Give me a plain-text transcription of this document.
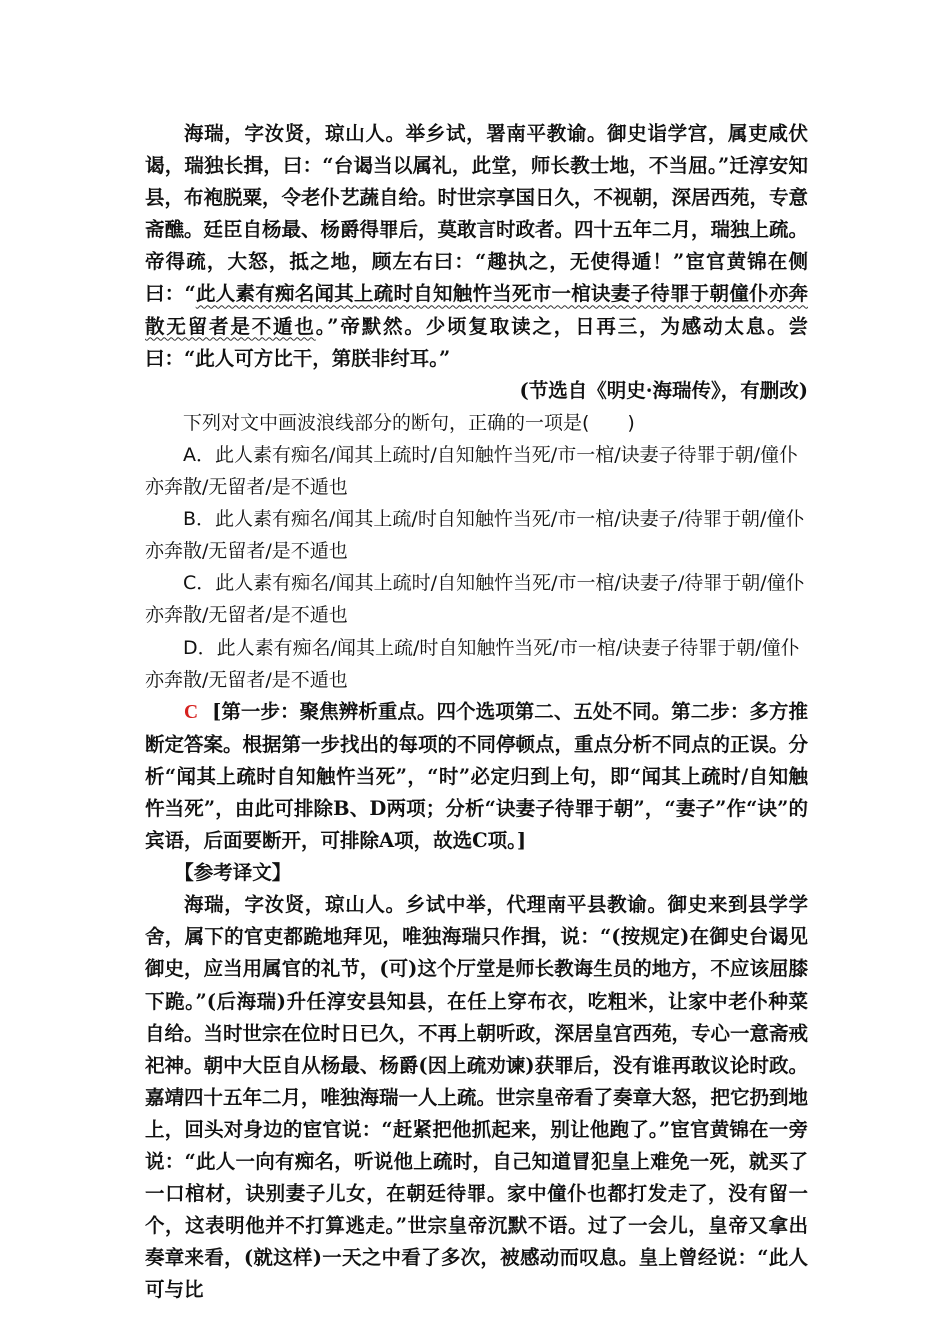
海瑞，字汝贤，琼山人。举乡试，署南平教谕。御史诣学宫，属吏咸伏谒，瑞独长揖，曰：“台谒当以属礼，此堂，师长教士地，不当屈。”迁淳安知县，布袍脱粟，令老仆艺蔬自给。时世宗享国日久，不视朝，深居西苑，专意斋醮。廷臣自杨最、杨爵得罪后，莫敢言时政者。四十五年二月，瑞独上疏。帝得疏，大怒，抵之地，顾左右曰：“趣执之，无使得遁！”宦官黄锦在侧曰：“此人素有痴名闻其上疏时自知触忤当死市一棺诀妻子待罪于朝僮仆亦奔散无留者是不遁也。”帝默然。少顷复取读之，日再三，为感动太息。尝曰：“此人可方比干，第朕非纣耳。”

(节选自《明史·海瑞传》，有删改)

下列对文中画波浪线部分的断句，正确的一项是(　　)

A．此人素有痴名/闻其上疏时/自知触忤当死/市一棺/诀妻子待罪于朝/僮仆亦奔散/无留者/是不遁也

B．此人素有痴名/闻其上疏/时自知触忤当死/市一棺/诀妻子/待罪于朝/僮仆亦奔散/无留者/是不遁也

C．此人素有痴名/闻其上疏时/自知触忤当死/市一棺/诀妻子/待罪于朝/僮仆亦奔散/无留者/是不遁也

D．此人素有痴名/闻其上疏/时自知触忤当死/市一棺/诀妻子待罪于朝/僮仆亦奔散/无留者/是不遁也

C [第一步：聚焦辨析重点。四个选项第二、五处不同。第二步：多方推断定答案。根据第一步找出的每项的不同停顿点，重点分析不同点的正误。分析“闻其上疏时自知触忤当死”，“时”必定归到上句，即“闻其上疏时/自知触忤当死”，由此可排除B、D两项；分析“诀妻子待罪于朝”，“妻子”作“诀”的宾语，后面要断开，可排除A项，故选C项。]

【参考译文】

海瑞，字汝贤，琼山人。乡试中举，代理南平县教谕。御史来到县学学舍，属下的官吏都跪地拜见，唯独海瑞只作揖，说：“(按规定)在御史台谒见御史，应当用属官的礼节，(可)这个厅堂是师长教诲生员的地方，不应该屈膝下跪。”(后海瑞)升任淳安县知县，在任上穿布衣，吃粗米，让家中老仆种菜自给。当时世宗在位时日已久，不再上朝听政，深居皇宫西苑，专心一意斋戒祀神。朝中大臣自从杨最、杨爵(因上疏劝谏)获罪后，没有谁再敢议论时政。嘉靖四十五年二月，唯独海瑞一人上疏。世宗皇帝看了奏章大怒，把它扔到地上，回头对身边的宦官说：“赶紧把他抓起来，别让他跑了。”宦官黄锦在一旁说：“此人一向有痴名，听说他上疏时，自己知道冒犯皇上难免一死，就买了一口棺材，诀别妻子儿女，在朝廷待罪。家中僮仆也都打发走了，没有留一个，这表明他并不打算逃走。”世宗皇帝沉默不语。过了一会儿，皇帝又拿出奏章来看，(就这样)一天之中看了多次，被感动而叹息。皇上曾经说：“此人可与比
